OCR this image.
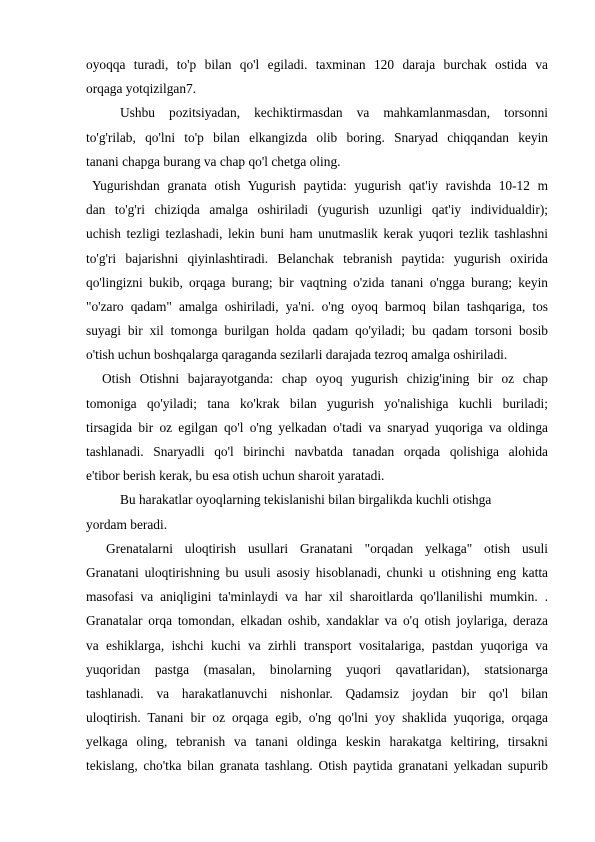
oyoqqa turadi, to'p bilan qo'l egiladi. taxminan 120 daraja burchak ostida va
orqaga yotqizilgan7.
Ushbu pozitsiyadan, kechiktirmasdan va mahkamlanmasdan, torsonni
to'g'rilab, qo'lni to'p bilan elkangizda olib boring. Snaryad chiqqandan keyin
tanani chapga burang va chap qo'l chetga oling.
Yugurishdan granata otish Yugurish paytida: yugurish qat'iy ravishda 10-12 m
dan to'g'ri chiziqda amalga oshiriladi (yugurish uzunligi qat'iy individualdir);
uchish tezligi tezlashadi, lekin buni ham unutmaslik kerak yuqori tezlik tashlashni
to'g'ri bajarishni qiyinlashtiradi. Belanchak tebranish paytida: yugurish oxirida
qo'lingizni bukib, orqaga burang; bir vaqtning o'zida tanani o'ngga burang; keyin
"o'zaro qadam" amalga oshiriladi, ya'ni. o'ng oyoq barmoq bilan tashqariga, tos
suyagi bir xil tomonga burilgan holda qadam qo'yiladi; bu qadam torsoni bosib
o'tish uchun boshqalarga qaraganda sezilarli darajada tezroq amalga oshiriladi.
Otish Otishni bajarayotganda: chap oyoq yugurish chizig'ining bir oz chap
tomoniga qo'yiladi; tana ko'krak bilan yugurish yo'nalishiga kuchli buriladi;
tirsagida bir oz egilgan qo'l o'ng yelkadan o'tadi va snaryad yuqoriga va oldinga
tashlanadi. Snaryadli qo'l birinchi navbatda tanadan orqada qolishiga alohida
e'tibor berish kerak, bu esa otish uchun sharoit yaratadi.
Bu harakatlar oyoqlarning tekislanishi bilan birgalikda kuchli otishga
yordam beradi.
Grenatalarni uloqtirish usullari Granatani "orqadan yelkaga" otish usuli
Granatani uloqtirishning bu usuli asosiy hisoblanadi, chunki u otishning eng katta
masofasi va aniqligini ta'minlaydi va har xil sharoitlarda qo'llanilishi mumkin. .
Granatalar orqa tomondan, elkadan oshib, xandaklar va o'q otish joylariga, deraza
va eshiklarga, ishchi kuchi va zirhli transport vositalariga, pastdan yuqoriga va
yuqoridan pastga (masalan, binolarning yuqori qavatlaridan), statsionarga
tashlanadi. va harakatlanuvchi nishonlar. Qadamsiz joydan bir qo'l bilan
uloqtirish. Tanani bir oz orqaga egib, o'ng qo'lni yoy shaklida yuqoriga, orqaga
yelkaga oling, tebranish va tanani oldinga keskin harakatga keltiring, tirsakni
tekislang, cho'tka bilan granata tashlang. Otish paytida granatani yelkadan supurib
